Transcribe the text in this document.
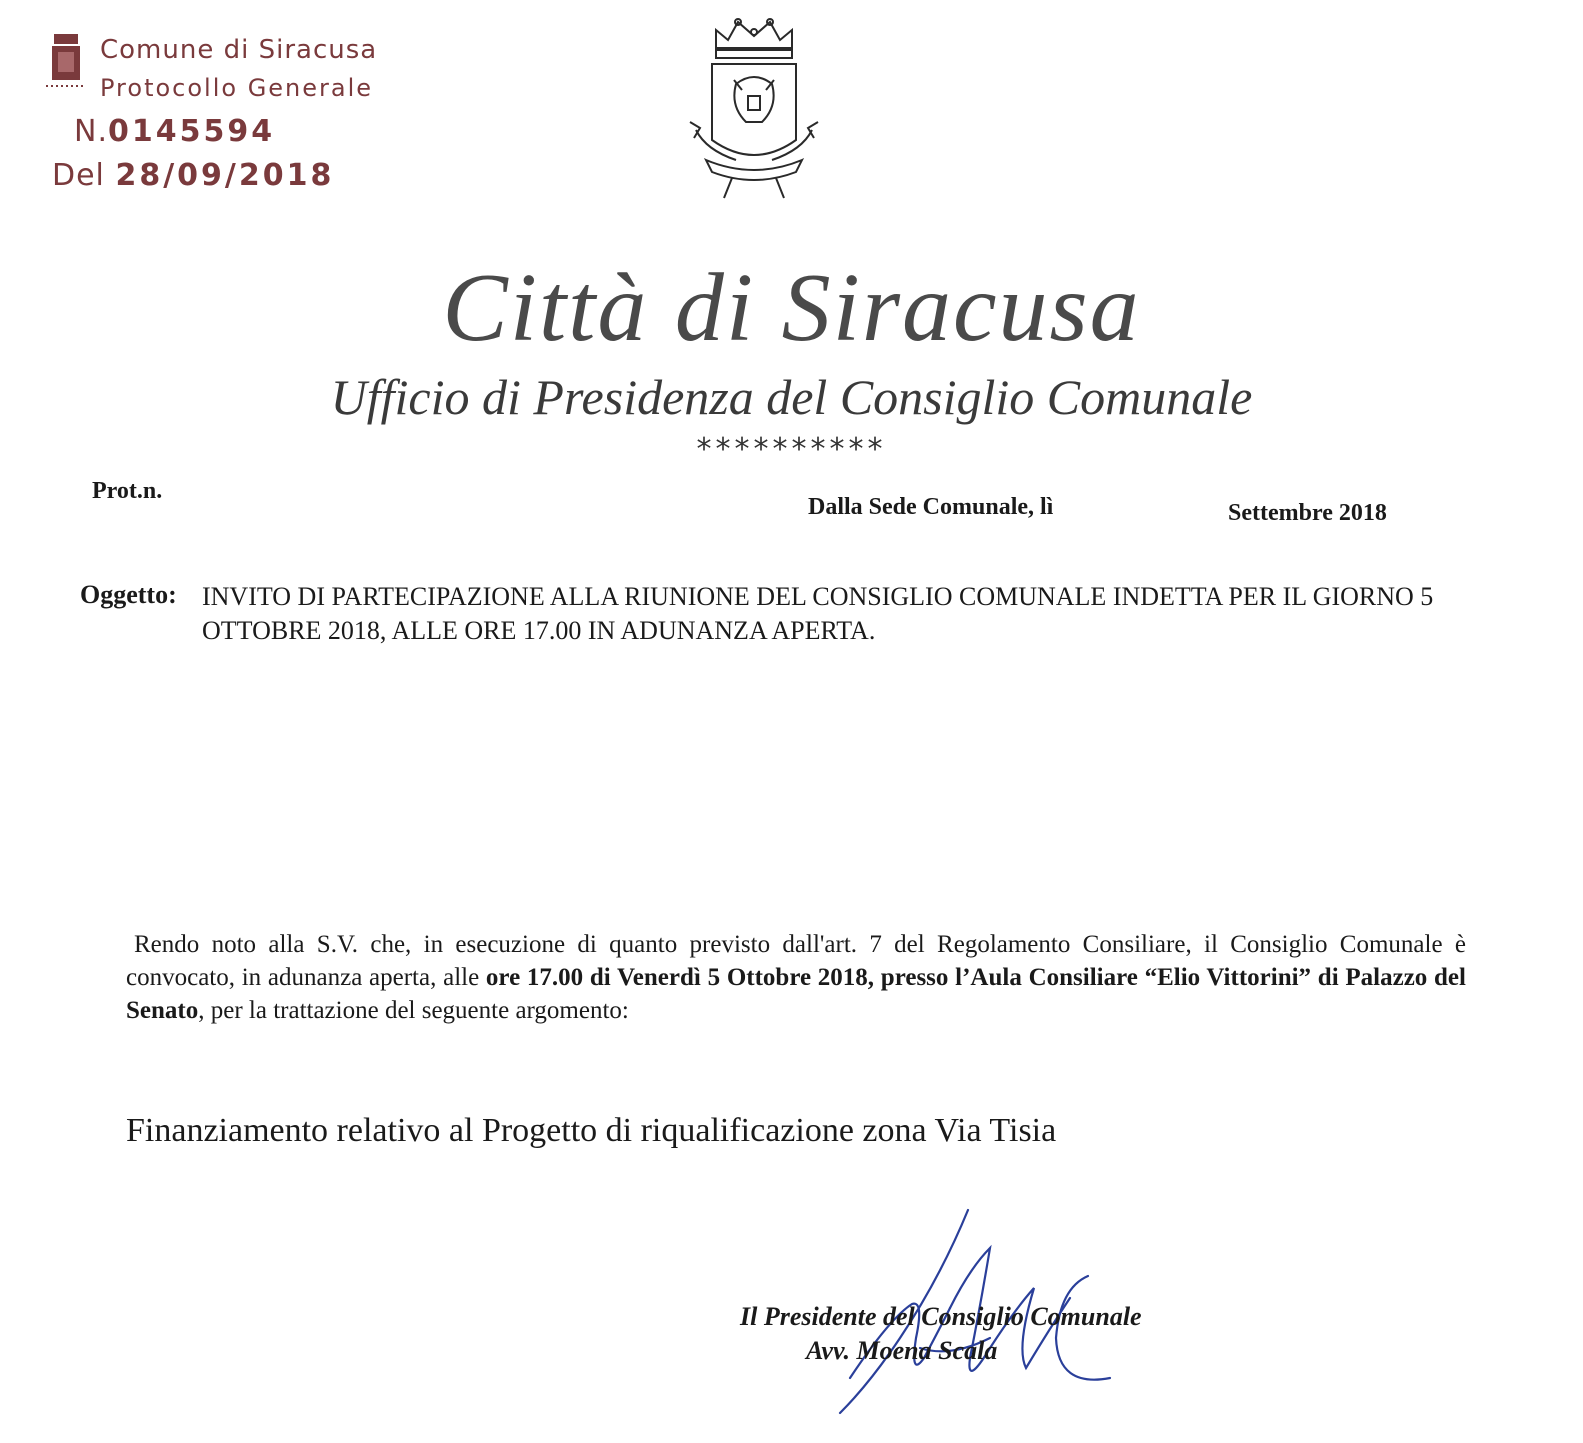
Comune di Siracusa
Protocollo Generale
N.0145594
Del 28/09/2018
Città di Siracusa
Ufficio di Presidenza del Consiglio Comunale
**********
Prot.n.
Dalla Sede Comunale, lì	Settembre 2018
Oggetto: INVITO DI PARTECIPAZIONE ALLA RIUNIONE DEL CONSIGLIO COMUNALE INDETTA PER IL GIORNO 5 OTTOBRE 2018, ALLE ORE 17.00 IN ADUNANZA APERTA.
Rendo noto alla S.V. che, in esecuzione di quanto previsto dall'art. 7 del Regolamento Consiliare, il Consiglio Comunale è convocato, in adunanza aperta, alle ore 17.00 di Venerdì 5 Ottobre 2018, presso l’Aula Consiliare “Elio Vittorini” di Palazzo del Senato, per la trattazione del seguente argomento:
Finanziamento relativo al Progetto di riqualificazione zona Via Tisia
Il Presidente del Consiglio Comunale
Avv. Moena Scala
